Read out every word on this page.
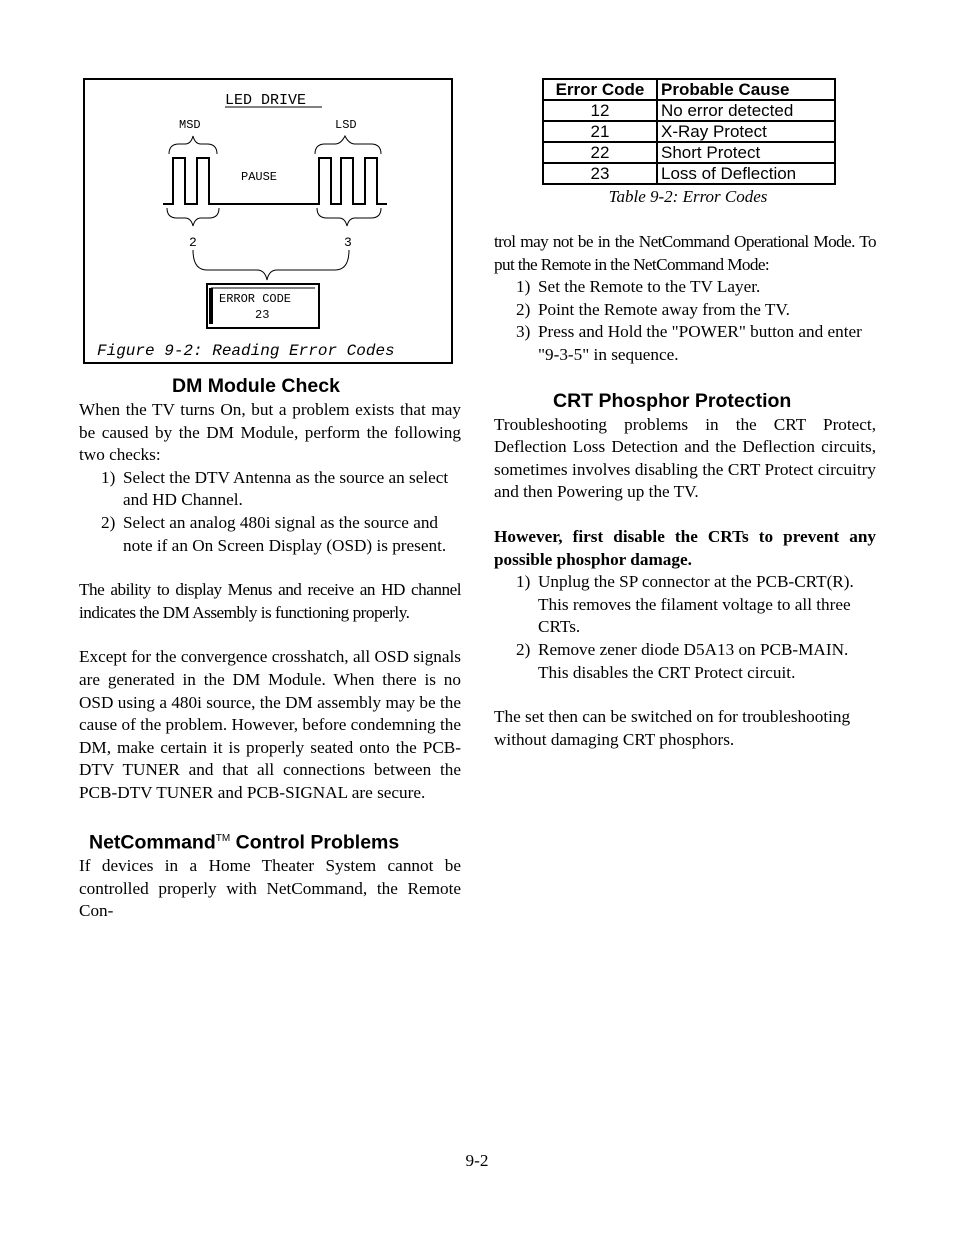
LED DRIVE
MSD	LSD
PAUSE
2	3
ERROR CODE
23
Figure 9-2: Reading Error Codes
DM Module Check

When the TV turns On, but a problem exists that may be caused by the DM Module, perform the following two checks:

1) Select the DTV Antenna as the source an select and HD Channel.
2) Select an analog 480i signal as the source and note if an On Screen Display (OSD) is present.

The ability to display Menus and receive an HD channel indicates the DM Assembly is functioning properly.

Except for the convergence crosshatch, all OSD signals are generated in the DM Module. When there is no OSD using a 480i source, the DM assembly may be the cause of the problem. However, before condemning the DM, make certain it is properly seated onto the PCB-DTV TUNER and that all connections between the PCB-DTV TUNER and PCB-SIGNAL are secure.

NetCommand™ Control Problems

If devices in a Home Theater System cannot be controlled properly with NetCommand, the Remote Con-

Error Code	Probable Cause
12	No error detected
21	X-Ray Protect
22	Short Protect
23	Loss of Deflection
Table 9-2: Error Codes

trol may not be in the NetCommand Operational Mode. To put the Remote in the NetCommand Mode:

1) Set the Remote to the TV Layer.
2) Point the Remote away from the TV.
3) Press and Hold the "POWER" button and enter "9-3-5" in sequence.
CRT Phosphor Protection

Troubleshooting problems in the CRT Protect, Deflection Loss Detection and the Deflection circuits, sometimes involves disabling the CRT Protect circuitry and then Powering up the TV.

However, first disable the CRTs to prevent any possible phosphor damage.

1) Unplug the SP connector at the PCB-CRT(R). This removes the filament voltage to all three CRTs.
2) Remove zener diode D5A13 on PCB-MAIN. This disables the CRT Protect circuit.

The set then can be switched on for troubleshooting without damaging CRT phosphors.

9-2
